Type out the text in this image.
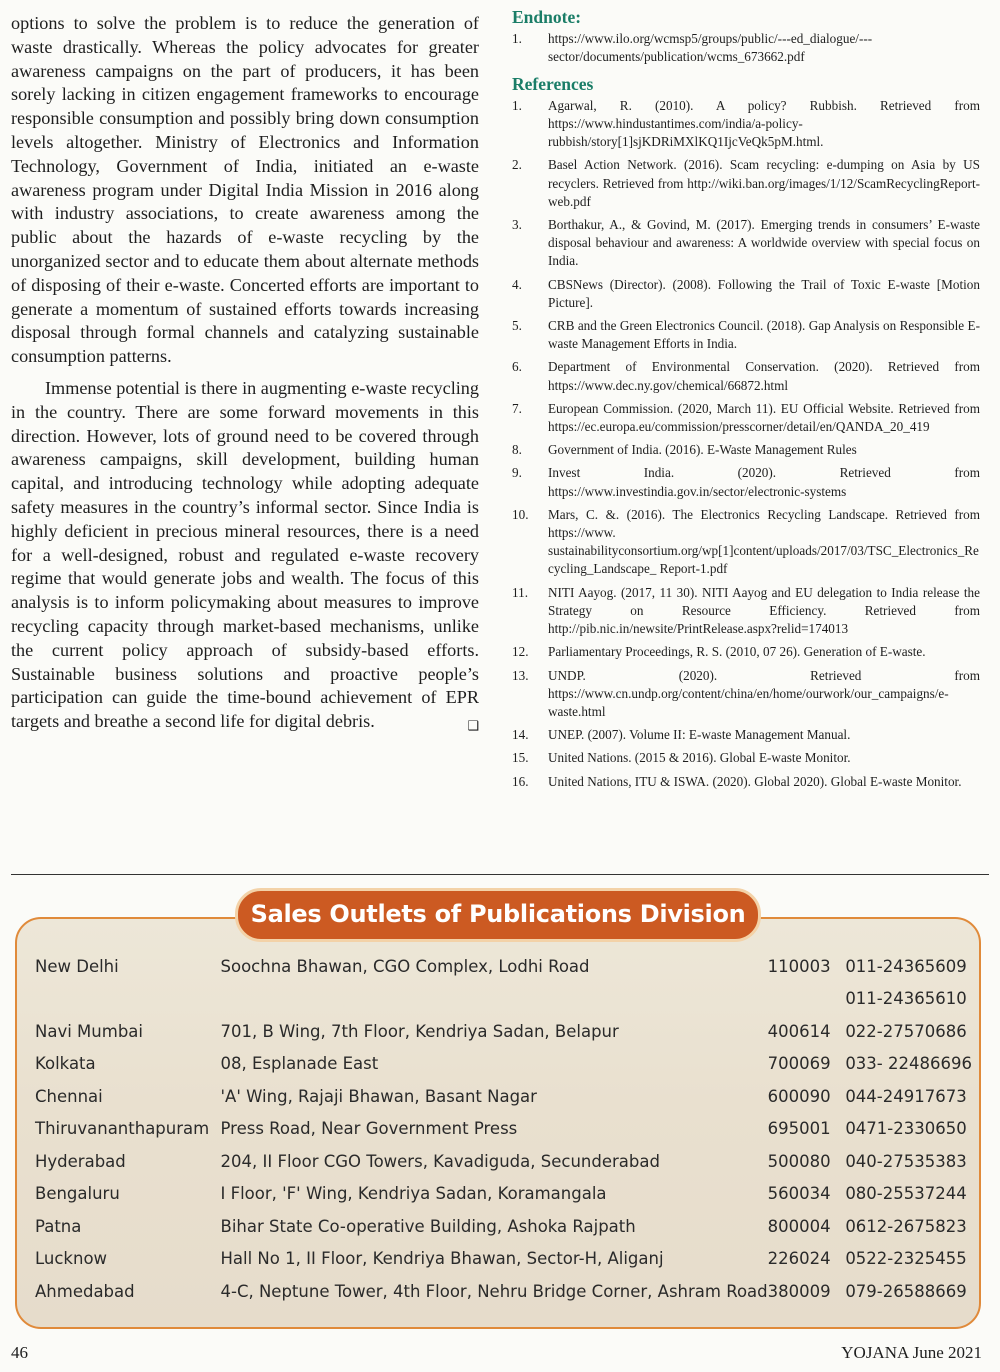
options to solve the problem is to reduce the generation of waste drastically. Whereas the policy advocates for greater awareness campaigns on the part of producers, it has been sorely lacking in citizen engagement frameworks to encourage responsible consumption and possibly bring down consumption levels altogether. Ministry of Electronics and Information Technology, Government of India, initiated an e-waste awareness program under Digital India Mission in 2016 along with industry associations, to create awareness among the public about the hazards of e-waste recycling by the unorganized sector and to educate them about alternate methods of disposing of their e-waste. Concerted efforts are important to generate a momentum of sustained efforts towards increasing disposal through formal channels and catalyzing sustainable consumption patterns.

Immense potential is there in augmenting e-waste recycling in the country. There are some forward movements in this direction. However, lots of ground need to be covered through awareness campaigns, skill development, building human capital, and introducing technology while adopting adequate safety measures in the country’s informal sector. Since India is highly deficient in precious mineral resources, there is a need for a well-designed, robust and regulated e-waste recovery regime that would generate jobs and wealth. The focus of this analysis is to inform policymaking about measures to improve recycling capacity through market-based mechanisms, unlike the current policy approach of subsidy-based efforts. Sustainable business solutions and proactive people’s participation can guide the time-bound achievement of EPR targets and breathe a second life for digital debris.	❑

Endnote:
1.	https://www.ilo.org/wcmsp5/groups/public/---ed_dialogue/---sector/documents/publication/wcms_673662.pdf
References
1.	Agarwal, R. (2010). A policy? Rubbish. Retrieved from https://www.hindustantimes.com/india/a-policy-rubbish/story[1]sjKDRiMXlKQ1IjcVeQk5pM.html.
2.	Basel Action Network. (2016). Scam recycling: e-dumping on Asia by US recyclers. Retrieved from http://wiki.ban.org/images/1/12/ScamRecyclingReport-web.pdf
3.	Borthakur, A., & Govind, M. (2017). Emerging trends in consumers’ E-waste disposal behaviour and awareness: A worldwide overview with special focus on India.
4.	CBSNews (Director). (2008). Following the Trail of Toxic E-waste [Motion Picture].
5.	CRB and the Green Electronics Council. (2018). Gap Analysis on Responsible E-waste Management Efforts in India.
6.	Department of Environmental Conservation. (2020). Retrieved from https://www.dec.ny.gov/chemical/66872.html
7.	European Commission. (2020, March 11). EU Official Website. Retrieved from https://ec.europa.eu/commission/presscorner/detail/en/QANDA_20_419
8.	Government of India. (2016). E-Waste Management Rules
9.	Invest India. (2020). Retrieved from https://www.investindia.gov.in/sector/electronic-systems
10.	Mars, C. &. (2016). The Electronics Recycling Landscape. Retrieved from https://www. sustainabilityconsortium.org/wp[1]content/uploads/2017/03/TSC_Electronics_Recycling_Landscape_ Report-1.pdf
11.	NITI Aayog. (2017, 11 30). NITI Aayog and EU delegation to India release the Strategy on Resource Efficiency. Retrieved from http://pib.nic.in/newsite/PrintRelease.aspx?relid=174013
12.	Parliamentary Proceedings, R. S. (2010, 07 26). Generation of E-waste.
13.	UNDP. (2020). Retrieved from https://www.cn.undp.org/content/china/en/home/ourwork/our_campaigns/e-waste.html
14.	UNEP. (2007). Volume II: E-waste Management Manual.
15.	United Nations. (2015 & 2016). Global E-waste Monitor.
16.	United Nations, ITU & ISWA. (2020). Global 2020). Global E-waste Monitor.
Sales Outlets of Publications Division
New Delhi	Soochna Bhawan, CGO Complex, Lodhi Road	110003	011-24365609
			011-24365610
Navi Mumbai	701, B Wing, 7th Floor, Kendriya Sadan, Belapur	400614	022-27570686
Kolkata	08, Esplanade East	700069	033- 22486696
Chennai	'A' Wing, Rajaji Bhawan, Basant Nagar	600090	044-24917673
Thiruvananthapuram	Press Road, Near Government Press	695001	0471-2330650
Hyderabad	204, II Floor CGO Towers, Kavadiguda, Secunderabad	500080	040-27535383
Bengaluru	I Floor, 'F' Wing, Kendriya Sadan, Koramangala	560034	080-25537244
Patna	Bihar State Co-operative Building, Ashoka Rajpath	800004	0612-2675823
Lucknow	Hall No 1, II Floor, Kendriya Bhawan, Sector-H, Aliganj	226024	0522-2325455
Ahmedabad	4-C, Neptune Tower, 4th Floor, Nehru Bridge Corner, Ashram Road	380009	079-26588669
46	YOJANA June 2021
